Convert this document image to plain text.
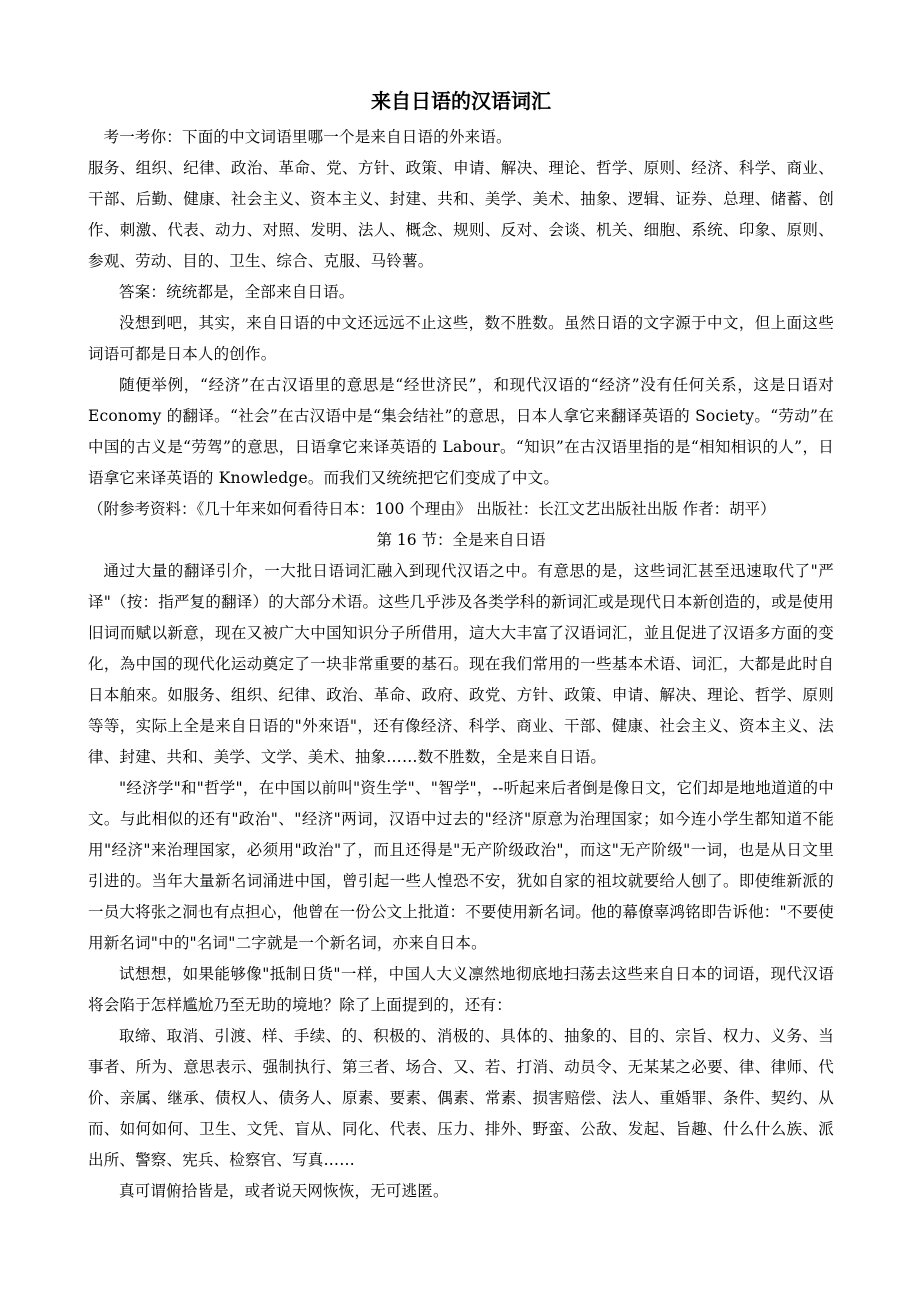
来自日语的汉语词汇

考一考你：下面的中文词语里哪一个是来自日语的外来语。

服务、组织、纪律、政治、革命、党、方针、政策、申请、解决、理论、哲学、原则、经济、科学、商业、干部、后勤、健康、社会主义、资本主义、封建、共和、美学、美术、抽象、逻辑、证券、总理、储蓄、创作、刺激、代表、动力、对照、发明、法人、概念、规则、反对、会谈、机关、细胞、系统、印象、原则、参观、劳动、目的、卫生、综合、克服、马铃薯。

答案：统统都是，全部来自日语。

没想到吧，其实，来自日语的中文还远远不止这些，数不胜数。虽然日语的文字源于中文，但上面这些词语可都是日本人的创作。

随便举例，“经济”在古汉语里的意思是“经世济民”，和现代汉语的“经济”没有任何关系，这是日语对 Economy 的翻译。“社会”在古汉语中是“集会结社”的意思，日本人拿它来翻译英语的 Society。“劳动”在中国的古义是“劳驾”的意思，日语拿它来译英语的 Labour。“知识”在古汉语里指的是“相知相识的人”，日语拿它来译英语的 Knowledge。而我们又统统把它们变成了中文。

（附参考资料：《几十年来如何看待日本：100 个理由》 出版社：长江文艺出版社出版 作者：胡平）

第 16 节：全是来自日语

通过大量的翻译引介，一大批日语词汇融入到现代汉语之中。有意思的是，这些词汇甚至迅速取代了"严译"（按：指严复的翻译）的大部分术语。这些几乎涉及各类学科的新词汇或是现代日本新创造的，或是使用旧词而赋以新意，现在又被广大中国知识分子所借用，這大大丰富了汉语词汇，並且促进了汉语多方面的变化，為中国的现代化运动奠定了一块非常重要的基石。现在我们常用的一些基本术语、词汇，大都是此时自日本舶來。如服务、组织、纪律、政治、革命、政府、政党、方针、政策、申请、解决、理论、哲学、原则等等，实际上全是来自日语的"外來语"，还有像经济、科学、商业、干部、健康、社会主义、资本主义、法律、封建、共和、美学、文学、美术、抽象……数不胜数，全是来自日语。

"经济学"和"哲学"，在中国以前叫"资生学"、"智学"，--听起来后者倒是像日文，它们却是地地道道的中文。与此相似的还有"政治"、"经济"两词，汉语中过去的"经济"原意为治理国家；如今连小学生都知道不能用"经济"来治理国家，必须用"政治"了，而且还得是"无产阶级政治"，而这"无产阶级"一词，也是从日文里引进的。当年大量新名词涌进中国，曾引起一些人惶恐不安，犹如自家的祖坟就要给人刨了。即使维新派的一员大将张之洞也有点担心，他曾在一份公文上批道：不要使用新名词。他的幕僚辜鸿铭即告诉他："不要使用新名词"中的"名词"二字就是一个新名词，亦来自日本。

试想想，如果能够像"抵制日货"一样，中国人大义凛然地彻底地扫荡去这些来自日本的词语，现代汉语将会陷于怎样尴尬乃至无助的境地？除了上面提到的，还有：

取缔、取消、引渡、样、手续、的、积极的、消极的、具体的、抽象的、目的、宗旨、权力、义务、当事者、所为、意思表示、强制执行、第三者、场合、又、若、打消、动员令、无某某之必要、律、律师、代价、亲属、继承、债权人、债务人、原素、要素、偶素、常素、损害赔偿、法人、重婚罪、条件、契约、从而、如何如何、卫生、文凭、盲从、同化、代表、压力、排外、野蛮、公敌、发起、旨趣、什么什么族、派出所、警察、宪兵、检察官、写真……

真可谓俯拾皆是，或者说天网恢恢，无可逃匿。
